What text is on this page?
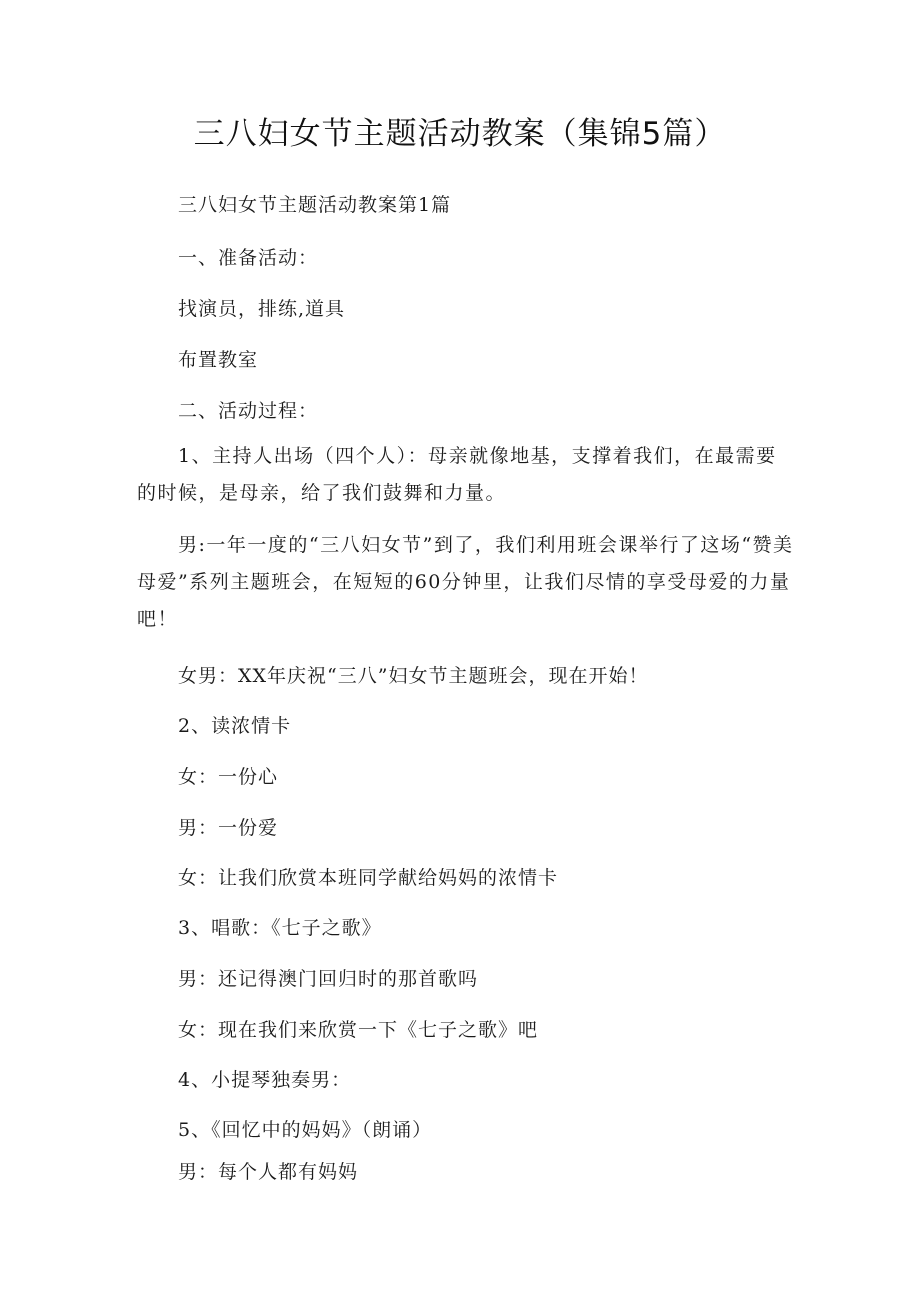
三八妇女节主题活动教案（集锦5篇）
三八妇女节主题活动教案第1篇
一、准备活动：
找演员，排练,道具
布置教室
二、活动过程：
1、主持人出场（四个人）：母亲就像地基，支撑着我们，在最需要的时候，是母亲，给了我们鼓舞和力量。
男:一年一度的“三八妇女节”到了，我们利用班会课举行了这场“赞美母爱”系列主题班会，在短短的60分钟里，让我们尽情的享受母爱的力量吧！
女男：XX年庆祝“三八”妇女节主题班会，现在开始！
2、读浓情卡
女：一份心
男：一份爱
女：让我们欣赏本班同学献给妈妈的浓情卡
3、唱歌：《七子之歌》
男：还记得澳门回归时的那首歌吗
女：现在我们来欣赏一下《七子之歌》吧
4、小提琴独奏男：
5、《回忆中的妈妈》（朗诵）
男：每个人都有妈妈
